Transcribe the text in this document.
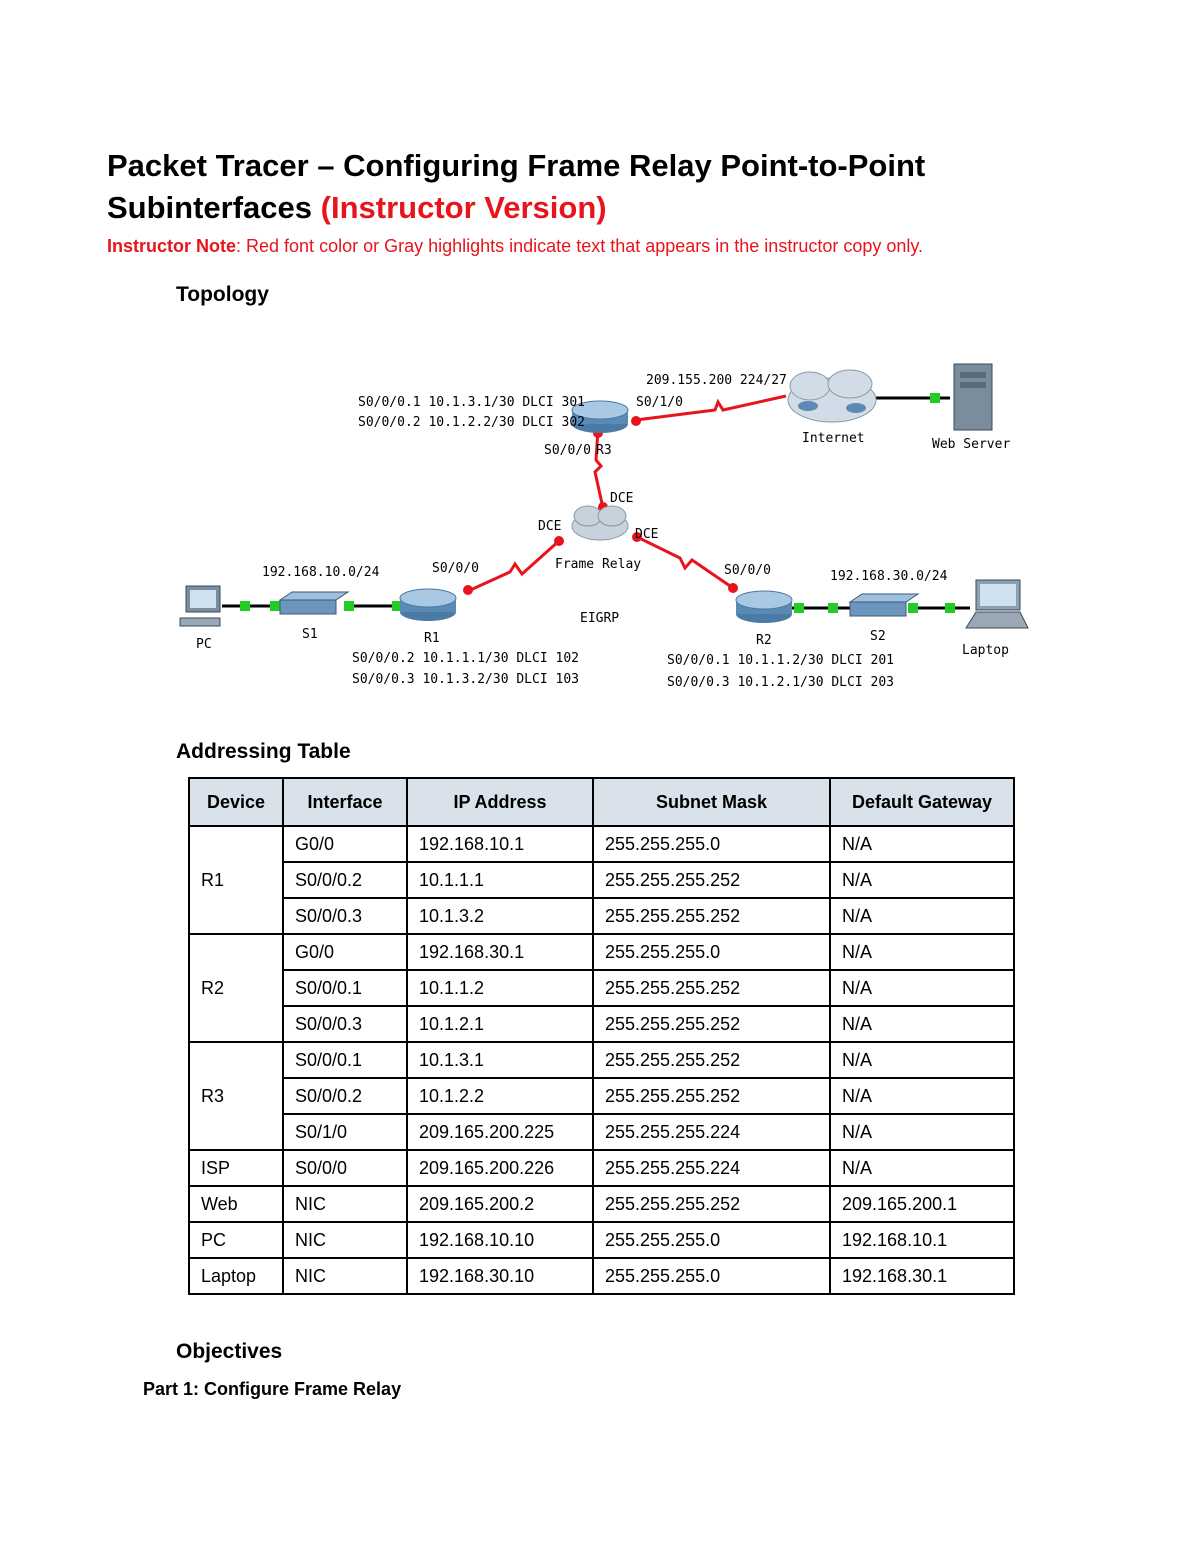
Packet Tracer – Configuring Frame Relay Point-to-Point Subinterfaces (Instructor Version)
Instructor Note: Red font color or Gray highlights indicate text that appears in the instructor copy only.
Topology
S0/0/0.1 10.1.3.1/30 DLCI 301
S0/0/0.2 10.1.2.2/30 DLCI 302
209.155.200 224/27
S0/1/0
S0/0/0 R3
Internet	Web Server
DCE
DCE
DCE
Frame Relay
192.168.10.0/24	S0/0/0	S0/0/0	192.168.30.0/24
EIGRP
PC
S1	R1	R2	S2
Laptop
S0/0/0.2 10.1.1.1/30 DLCI 102
S0/0/0.3 10.1.3.2/30 DLCI 103
S0/0/0.1 10.1.1.2/30 DLCI 201
S0/0/0.3 10.1.2.1/30 DLCI 203
Addressing Table
Device	Interface	IP Address	Subnet Mask	Default Gateway
R1	G0/0	192.168.10.1	255.255.255.0	N/A
	S0/0/0.2	10.1.1.1	255.255.255.252	N/A
	S0/0/0.3	10.1.3.2	255.255.255.252	N/A
R2	G0/0	192.168.30.1	255.255.255.0	N/A
	S0/0/0.1	10.1.1.2	255.255.255.252	N/A
	S0/0/0.3	10.1.2.1	255.255.255.252	N/A
R3	S0/0/0.1	10.1.3.1	255.255.255.252	N/A
	S0/0/0.2	10.1.2.2	255.255.255.252	N/A
	S0/1/0	209.165.200.225	255.255.255.224	N/A
ISP	S0/0/0	209.165.200.226	255.255.255.224	N/A
Web	NIC	209.165.200.2	255.255.255.252	209.165.200.1
PC	NIC	192.168.10.10	255.255.255.0	192.168.10.1
Laptop	NIC	192.168.30.10	255.255.255.0	192.168.30.1
Objectives
Part 1: Configure Frame Relay
